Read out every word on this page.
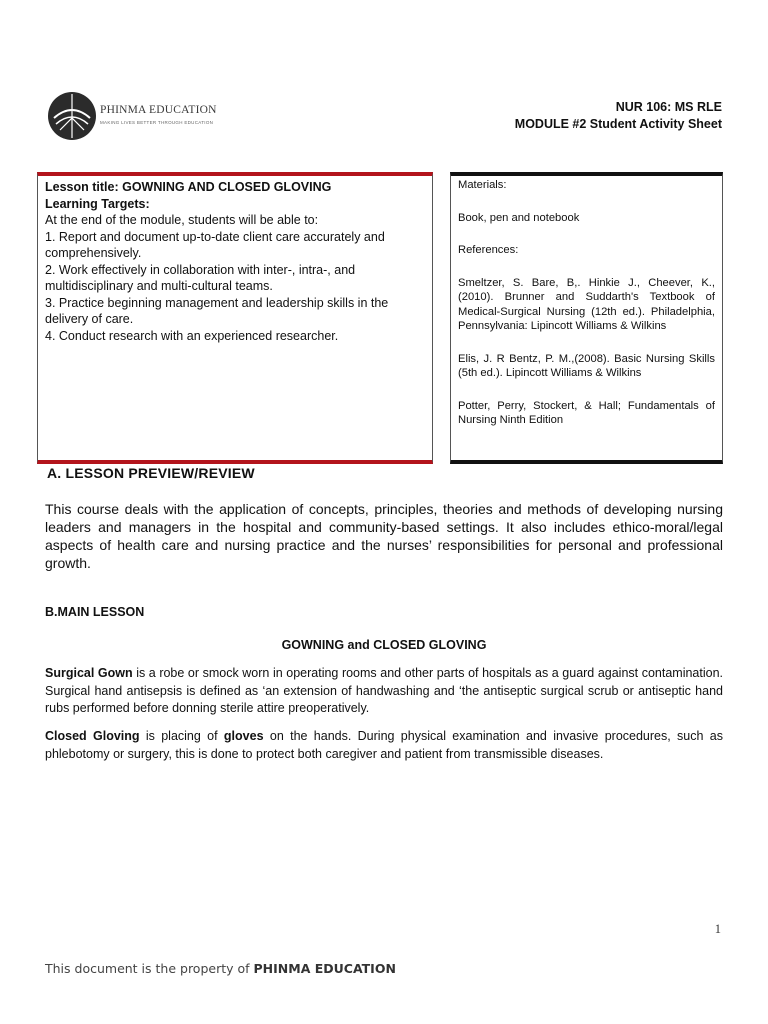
PHINMA EDUCATION
MAKING LIVES BETTER THROUGH EDUCATION
NUR 106: MS RLE
MODULE #2 Student Activity Sheet

Lesson title: GOWNING AND CLOSED GLOVING

Learning Targets:

At the end of the module, students will be able to:

1. Report and document up-to-date client care accurately and comprehensively.

2. Work effectively in collaboration with inter-, intra-, and multidisciplinary and multi-cultural teams.

3. Practice beginning management and leadership skills in the delivery of care.

4. Conduct research with an experienced researcher.

Materials:

Book, pen and notebook

References:

Smeltzer, S. Bare, B,. Hinkie J., Cheever, K., (2010). Brunner and Suddarth's Textbook of Medical-Surgical Nursing (12th ed.). Philadelphia, Pennsylvania: Lipincott Williams & Wilkins

Elis, J. R Bentz, P. M.,(2008). Basic Nursing Skills (5th ed.). Lipincott Williams & Wilkins

Potter, Perry, Stockert, & Hall; Fundamentals of Nursing Ninth Edition

A. LESSON PREVIEW/REVIEW
This course deals with the application of concepts, principles, theories and methods of developing nursing leaders and managers in the hospital and community-based settings. It also includes ethico-moral/legal aspects of health care and nursing practice and the nurses’ responsibilities for personal and professional growth.
B.MAIN LESSON
GOWNING and CLOSED GLOVING
Surgical Gown is a robe or smock worn in operating rooms and other parts of hospitals as a guard against contamination. Surgical hand antisepsis is defined as ‘an extension of handwashing and ‘the antiseptic surgical scrub or antiseptic hand rubs performed before donning sterile attire preoperatively.
Closed Gloving is placing of gloves on the hands. During physical examination and invasive procedures, such as phlebotomy or surgery, this is done to protect both caregiver and patient from transmissible diseases.
1
This document is the property of PHINMA EDUCATION
